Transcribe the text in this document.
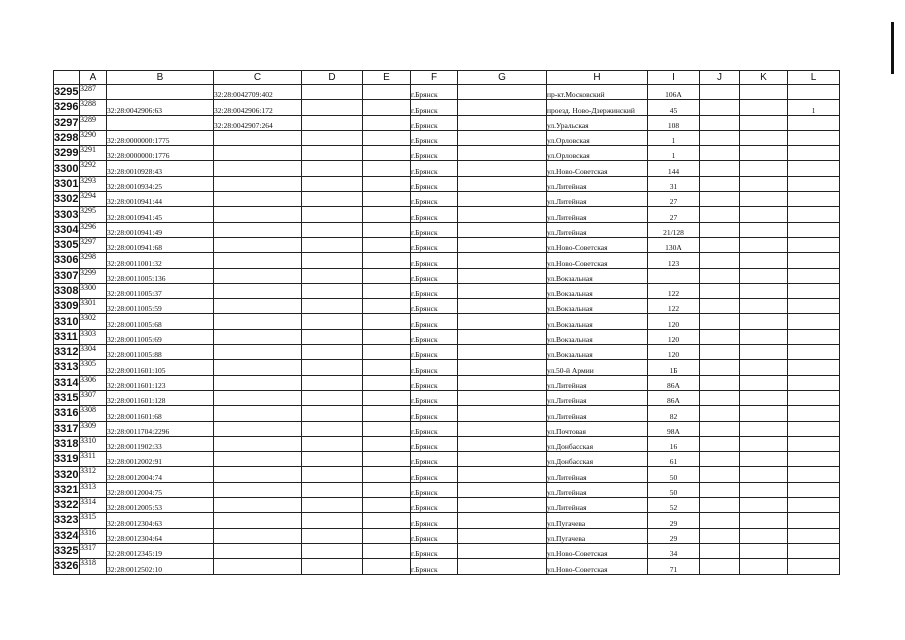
	A	B	C	D	E	F	G	H	I	J	K	L
3295	3287		32:28:0042709:402			г.Брянск		пр-кт.Московский	106А			
3296	3288	32:28:0042906:63	32:28:0042906:172			г.Брянск		проезд. Ново-Дзержинский	45			1
3297	3289		32:28:0042907:264			г.Брянск		ул.Уральская	108			
3298	3290	32:28:0000000:1775				г.Брянск		ул.Орловская	1			
3299	3291	32:28:0000000:1776				г.Брянск		ул.Орловская	1			
3300	3292	32:28:0010928:43				г.Брянск		ул.Ново-Советская	144			
3301	3293	32:28:0010934:25				г.Брянск		ул.Литейная	31			
3302	3294	32:28:0010941:44				г.Брянск		ул.Литейная	27			
3303	3295	32:28:0010941:45				г.Брянск		ул.Литейная	27			
3304	3296	32:28:0010941:49				г.Брянск		ул.Литейная	21/128			
3305	3297	32:28:0010941:68				г.Брянск		ул.Ново-Советская	130А			
3306	3298	32:28:0011001:32				г.Брянск		ул.Ново-Советская	123			
3307	3299	32:28:0011005:136				г.Брянск		ул.Вокзальная				
3308	3300	32:28:0011005:37				г.Брянск		ул.Вокзальная	122			
3309	3301	32:28:0011005:59				г.Брянск		ул.Вокзальная	122			
3310	3302	32:28:0011005:68				г.Брянск		ул.Вокзальная	120			
3311	3303	32:28:0011005:69				г.Брянск		ул.Вокзальная	120			
3312	3304	32:28:0011005:88				г.Брянск		ул.Вокзальная	120			
3313	3305	32:28:0011601:105				г.Брянск		ул.50-й Армии	1Б			
3314	3306	32:28:0011601:123				г.Брянск		ул.Литейная	86А			
3315	3307	32:28:0011601:128				г.Брянск		ул.Литейная	86А			
3316	3308	32:28:0011601:68				г.Брянск		ул.Литейная	82			
3317	3309	32:28:0011704:2296				г.Брянск		ул.Почтовая	98А			
3318	3310	32:28:0011902:33				г.Брянск		ул.Донбасская	16			
3319	3311	32:28:0012002:91				г.Брянск		ул.Донбасская	61			
3320	3312	32:28:0012004:74				г.Брянск		ул.Литейная	50			
3321	3313	32:28:0012004:75				г.Брянск		ул.Литейная	50			
3322	3314	32:28:0012005:53				г.Брянск		ул.Литейная	52			
3323	3315	32:28:0012304:63				г.Брянск		ул.Пугачева	29			
3324	3316	32:28:0012304:64				г.Брянск		ул.Пугачева	29			
3325	3317	32:28:0012345:19				г.Брянск		ул.Ново-Советская	34			
3326	3318	32:28:0012502:10				г.Брянск		ул.Ново-Советская	71			
